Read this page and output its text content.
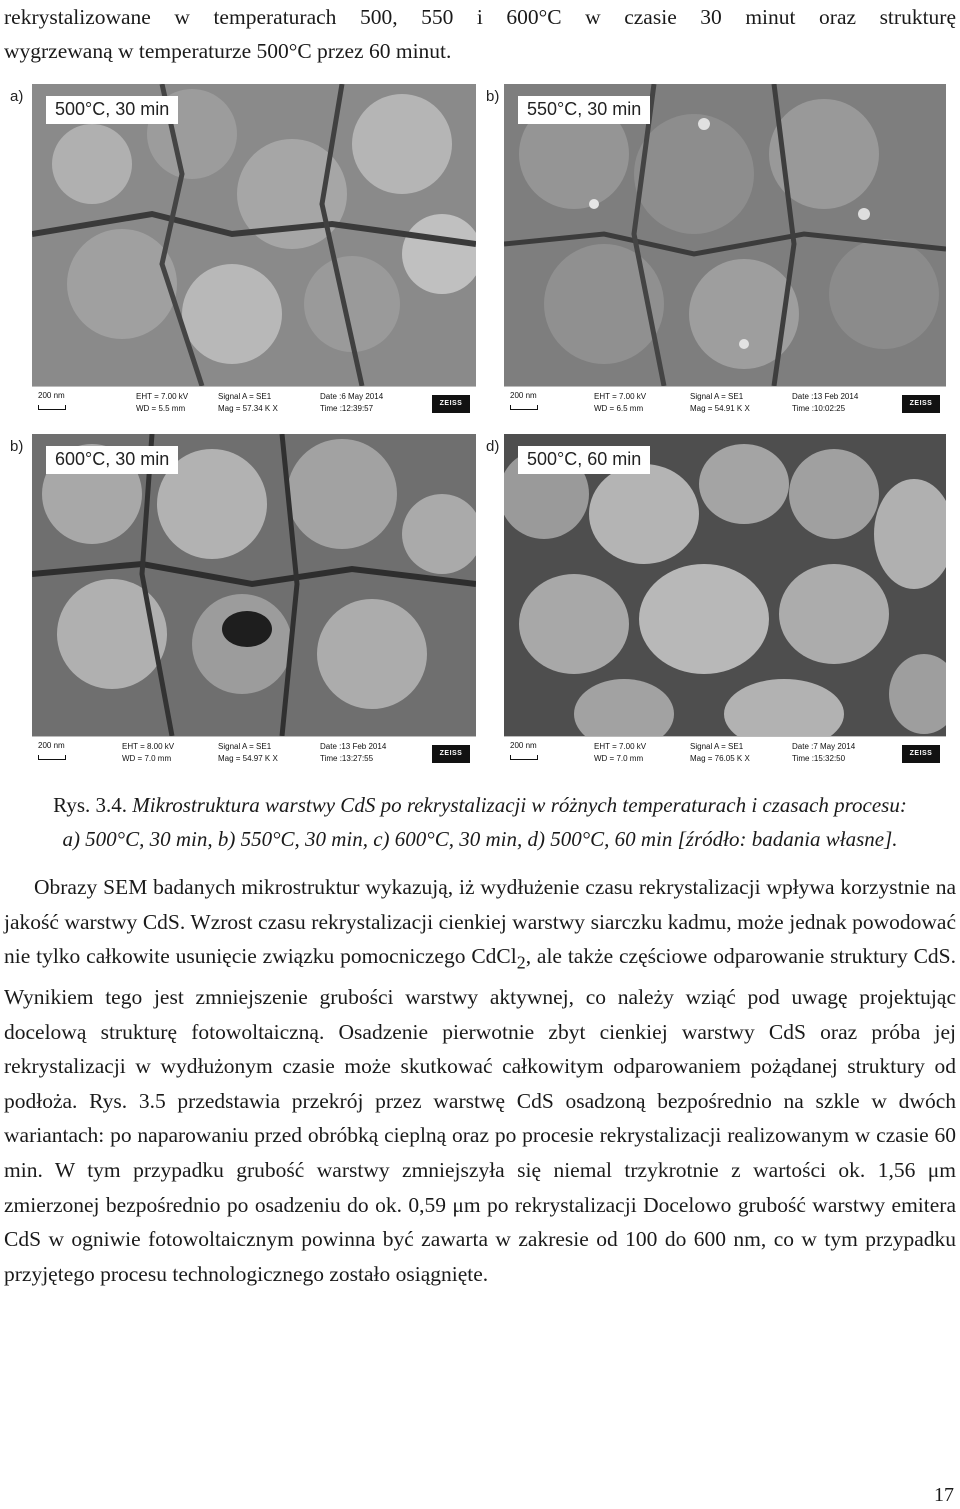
rekrystalizowane w temperaturach 500, 550 i 600°C w czasie 30 minut oraz strukturę
wygrzewaną w temperaturze 500°C przez 60 minut.
a)
500°C, 30 min
200 nm	EHT = 7.00 kV
WD = 5.5 mm
Signal A = SE1
Mag = 57.34 K X
Date :6 May 2014
Time :12:39:57
ZEISS
b)
550°C, 30 min
200 nm	EHT = 7.00 kV
WD = 6.5 mm
Signal A = SE1
Mag = 54.91 K X
Date :13 Feb 2014
Time :10:02:25
ZEISS
b)
600°C, 30 min
200 nm	EHT = 8.00 kV
WD = 7.0 mm
Signal A = SE1
Mag = 54.97 K X
Date :13 Feb 2014
Time :13:27:55
ZEISS
d)
500°C, 60 min
200 nm	EHT = 7.00 kV
WD = 7.0 mm
Signal A = SE1
Mag = 76.05 K X
Date :7 May 2014
Time :15:32:50
ZEISS
Rys. 3.4. Mikrostruktura warstwy CdS po rekrystalizacji w różnych temperaturach i czasach procesu:
a) 500°C, 30 min, b) 550°C, 30 min, c) 600°C, 30 min, d) 500°C, 60 min [źródło: badania własne].

Obrazy SEM badanych mikrostruktur wykazują, iż wydłużenie czasu rekrystalizacji wpływa korzystnie na jakość warstwy CdS. Wzrost czasu rekrystalizacji cienkiej warstwy siarczku kadmu, może jednak powodować nie tylko całkowite usunięcie związku pomocniczego CdCl$_2$, ale także częściowe odparowanie struktury CdS. Wynikiem tego jest zmniejszenie grubości warstwy aktywnej, co należy wziąć pod uwagę projektując docelową strukturę fotowoltaiczną. Osadzenie pierwotnie zbyt cienkiej warstwy CdS oraz próba jej rekrystalizacji w wydłużonym czasie może skutkować całkowitym odparowaniem pożądanej struktury od podłoża. Rys. 3.5 przedstawia przekrój przez warstwę CdS osadzoną bezpośrednio na szkle w dwóch wariantach: po naparowaniu przed obróbką cieplną oraz po procesie rekrystalizacji realizowanym w czasie 60 min. W tym przypadku grubość warstwy zmniejszyła się niemal trzykrotnie z wartości ok. 1,56 μm zmierzonej bezpośrednio po osadzeniu do ok. 0,59 μm po rekrystalizacji Docelowo grubość warstwy emitera CdS w ogniwie fotowoltaicznym powinna być zawarta w zakresie od 100 do 600 nm, co w tym przypadku przyjętego procesu technologicznego zostało osiągnięte.

17
